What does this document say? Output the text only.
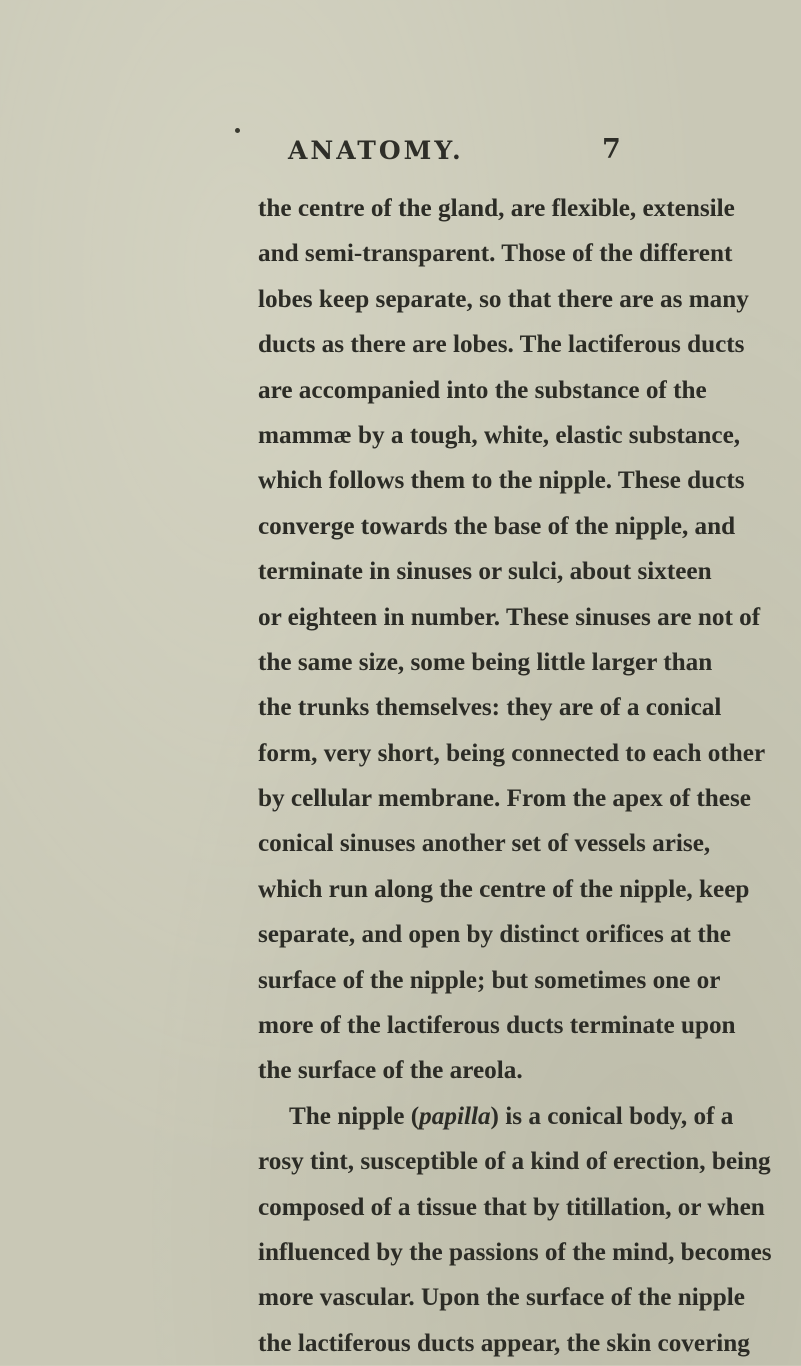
ANATOMY.	7
the centre of the gland, are flexible, extensile
and semi-transparent. Those of the different
lobes keep separate, so that there are as many
ducts as there are lobes. The lactiferous ducts
are accompanied into the substance of the
mammæ by a tough, white, elastic substance,
which follows them to the nipple. These ducts
converge towards the base of the nipple, and
terminate in sinuses or sulci, about sixteen
or eighteen in number. These sinuses are not of
the same size, some being little larger than
the trunks themselves: they are of a conical
form, very short, being connected to each other
by cellular membrane. From the apex of these
conical sinuses another set of vessels arise,
which run along the centre of the nipple, keep
separate, and open by distinct orifices at the
surface of the nipple; but sometimes one or
more of the lactiferous ducts terminate upon
the surface of the areola.
The nipple (papilla) is a conical body, of a
rosy tint, susceptible of a kind of erection, being
composed of a tissue that by titillation, or when
influenced by the passions of the mind, becomes
more vascular. Upon the surface of the nipple
the lactiferous ducts appear, the skin covering
